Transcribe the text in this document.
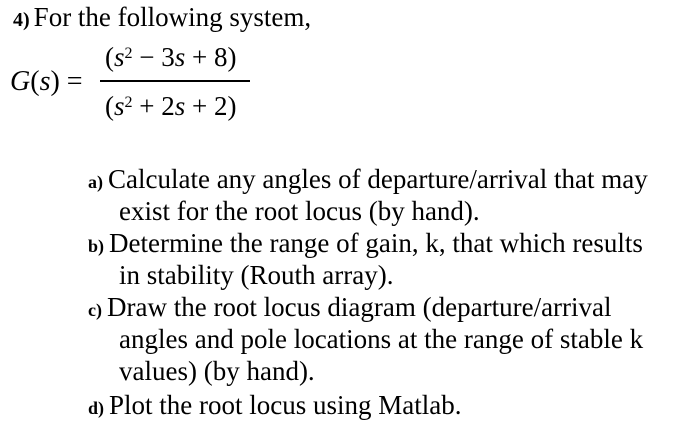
4) For the following system,
G(s) =
$(s^2 - 3s + 8)$
$(s^2 + 2s + 2)$
a) Calculate any angles of departure/arrival that may
exist for the root locus (by hand).
b) Determine the range of gain, k, that which results
in stability (Routh array).
c) Draw the root locus diagram (departure/arrival
angles and pole locations at the range of stable k
values) (by hand).
d) Plot the root locus using Matlab.
